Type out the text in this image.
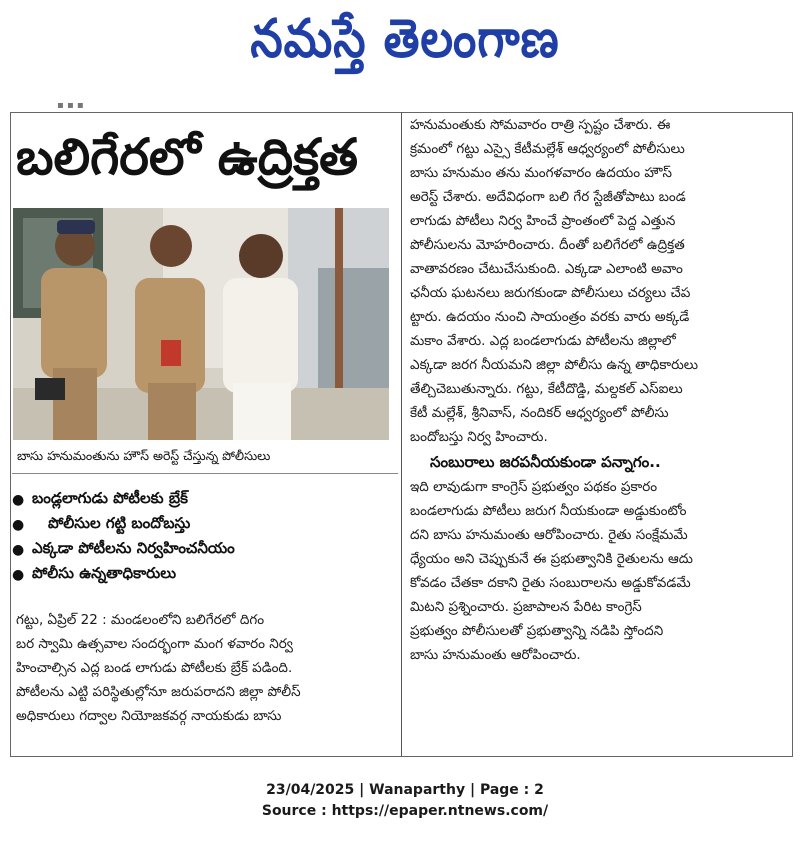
నమస్తే తెలంగాణ
▪ ▪ ▪
బలిగేరలో ఉద్రిక్తత
బాసు హనుమంతును హౌస్ అరెస్ట్ చేస్తున్న పోలీసులు
● బండ్లలాగుడు పోటీలకు బ్రేక్
●	పోలీసుల గట్టి బందోబస్తు
● ఎక్కడా పోటీలను నిర్వహించనీయం
● పోలీసు ఉన్నతాధికారులు
గట్టు, ఏప్రిల్ 22 : మండలంలోని బలిగేరలో దిగం
బర స్వామి ఉత్సవాల సందర్భంగా మంగ ళవారం నిర్వ
హించాల్సిన ఎద్ల బండ లాగుడు పోటీలకు బ్రేక్ పడింది.
పోటీలను ఎట్టి పరిస్థితుల్లోనూ జరుపరాదని జిల్లా పోలీస్
అధికారులు గద్వాల నియోజకవర్గ నాయకుడు బాసు
హనుమంతుకు సోమవారం రాత్రి స్పష్టం చేశారు. ఈ
క్రమంలో గట్టు ఎస్సై కేటీమల్లేశ్ ఆధ్వర్యంలో పోలీసులు
బాసు హనుమం తను మంగళవారం ఉదయం హౌస్
అరెస్ట్ చేశారు. అదేవిధంగా బలి గేర స్టేజీతోపాటు బండ
లాగుడు పోటీలు నిర్వ హించే ప్రాంతంలో పెద్ద ఎత్తున
పోలీసులను మోహరించారు. దీంతో బలిగేరలో ఉద్రిక్తత
వాతావరణం చేటుచేసుకుంది. ఎక్కడా ఎలాంటి అవాం
ఛనీయ ఘటనలు జరుగకుండా పోలీసులు చర్యలు చేప
ట్టారు. ఉదయం నుంచి సాయంత్రం వరకు వారు అక్కడే
మకాం వేశారు. ఎద్ల బండలాగుడు పోటీలను జిల్లాలో
ఎక్కడా జరగ నీయమని జిల్లా పోలీసు ఉన్న తాధికారులు
తేల్చిచెబుతున్నారు. గట్టు, కేటీదొడ్డి, మల్దకల్ ఎస్ఐలు
కేటీ మల్లేశ్, శ్రీనివాస్, నందికర్ ఆధ్వర్యంలో పోలీసు
బందోబస్తు నిర్వ హించారు.
సంబురాలు జరపనీయకుండా పన్నాగం..
ఇది లావుడుగా కాంగ్రెస్ ప్రభుత్వం పథకం ప్రకారం
బండలాగుడు పోటీలు జరుగ నీయకుండా అడ్డుకుంటోం
దని బాసు హనుమంతు ఆరోపించారు. రైతు సంక్షేమమే
ధ్యేయం అని చెప్పుకునే ఈ ప్రభుత్వానికి రైతులను ఆదు
కోవడం చేతకా దకాని రైతు సంబురాలను అడ్డుకోవడమే
మిటని ప్రశ్నించారు. ప్రజాపాలన పేరిట కాంగ్రెస్
ప్రభుత్వం పోలీసులతో ప్రభుత్వాన్ని నడిపి స్తోందని
బాసు హనుమంతు ఆరోపించారు.
23/04/2025 | Wanaparthy | Page : 2
Source : https://epaper.ntnews.com/
